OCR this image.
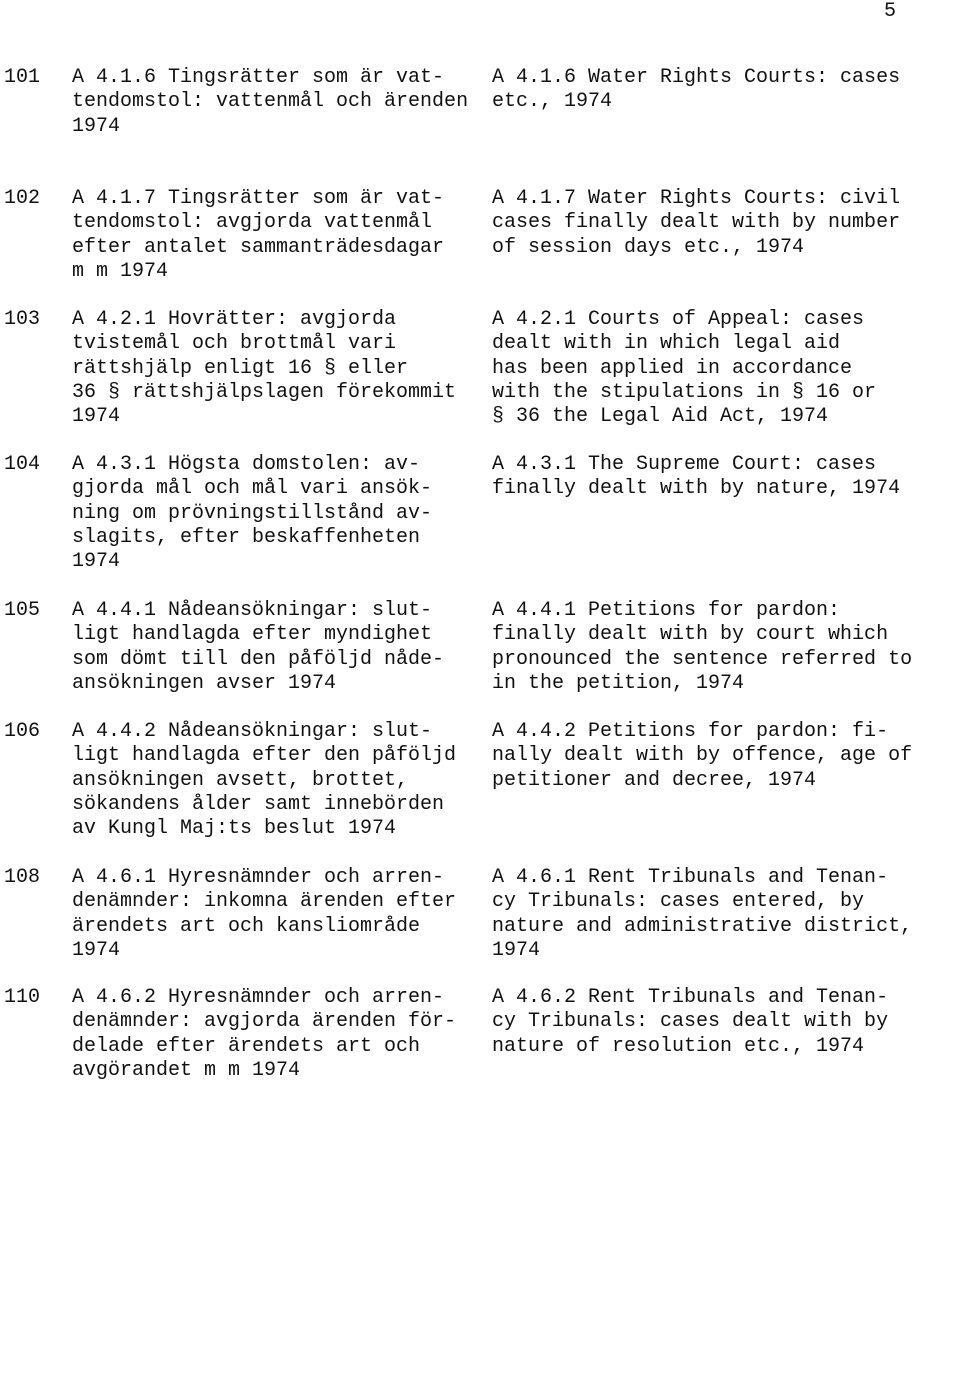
5
101	A 4.1.6 Tingsrätter som är vat-
tendomstol: vattenmål och ärenden
1974
A 4.1.6 Water Rights Courts: cases
etc., 1974
102	A 4.1.7 Tingsrätter som är vat-
tendomstol: avgjorda vattenmål
efter antalet sammanträdesdagar
m m 1974
A 4.1.7 Water Rights Courts: civil
cases finally dealt with by number
of session days etc., 1974
103	A 4.2.1 Hovrätter: avgjorda
tvistemål och brottmål vari
rättshjälp enligt 16 § eller
36 § rättshjälpslagen förekommit
1974
A 4.2.1 Courts of Appeal: cases
dealt with in which legal aid
has been applied in accordance
with the stipulations in § 16 or
§ 36 the Legal Aid Act, 1974
104	A 4.3.1 Högsta domstolen: av-
gjorda mål och mål vari ansök-
ning om prövningstillstånd av-
slagits, efter beskaffenheten
1974
A 4.3.1 The Supreme Court: cases
finally dealt with by nature, 1974
105	A 4.4.1 Nådeansökningar: slut-
ligt handlagda efter myndighet
som dömt till den påföljd nåde-
ansökningen avser 1974
A 4.4.1 Petitions for pardon:
finally dealt with by court which
pronounced the sentence referred to
in the petition, 1974
106	A 4.4.2 Nådeansökningar: slut-
ligt handlagda efter den påföljd
ansökningen avsett, brottet,
sökandens ålder samt innebörden
av Kungl Maj:ts beslut 1974
A 4.4.2 Petitions for pardon: fi-
nally dealt with by offence, age of
petitioner and decree, 1974
108	A 4.6.1 Hyresnämnder och arren-
denämnder: inkomna ärenden efter
ärendets art och kansliområde
1974
A 4.6.1 Rent Tribunals and Tenan-
cy Tribunals: cases entered, by
nature and administrative district,
1974
110	A 4.6.2 Hyresnämnder och arren-
denämnder: avgjorda ärenden för-
delade efter ärendets art och
avgörandet m m 1974
A 4.6.2 Rent Tribunals and Tenan-
cy Tribunals: cases dealt with by
nature of resolution etc., 1974
